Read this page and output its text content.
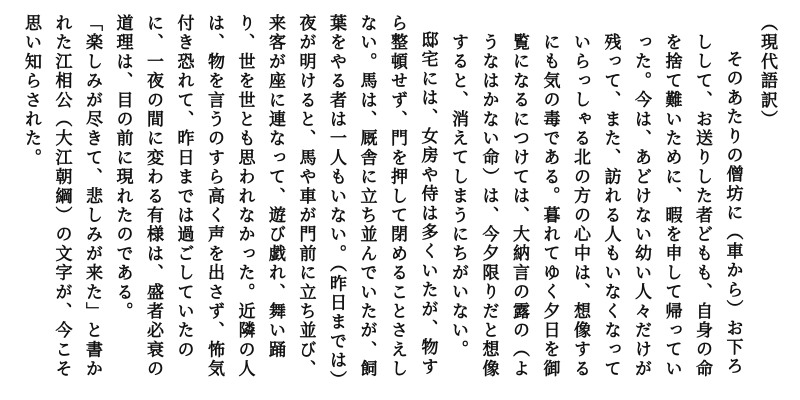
（現代語訳）
そのあたりの僧坊に（車から）お下ろしして、お送りした者どもも、自身の命を捨て難いために、暇を申して帰っていった。今は、あどけない幼い人々だけが残って、また、訪れる人もいなくなっていらっしゃる北の方の心中は、想像するにも気の毒である。暮れてゆく夕日を御覧になるにつけては、大納言の露の（ようなはかない命）は、今夕限りだと想像すると、消えてしまうにちがいない。
邸宅には、女房や侍は多くいたが、物すら整頓せず、門を押して閉めることさえしない。馬は、厩舎に立ち並んでいたが、飼葉をやる者は一人もいない。（昨日までは）夜が明けると、馬や車が門前に立ち並び、来客が座に連なって、遊び戯れ、舞い踊り、世を世とも思われなかった。近隣の人は、物を言うのすら高く声を出さず、怖気付き恐れて、昨日までは過ごしていたのに、一夜の間に変わる有様は、盛者必衰の道理は、目の前に現れたのである。
「楽しみが尽きて、悲しみが来た」と書かれた江相公（大江朝綱）の文字が、今こそ思い知らされた。
